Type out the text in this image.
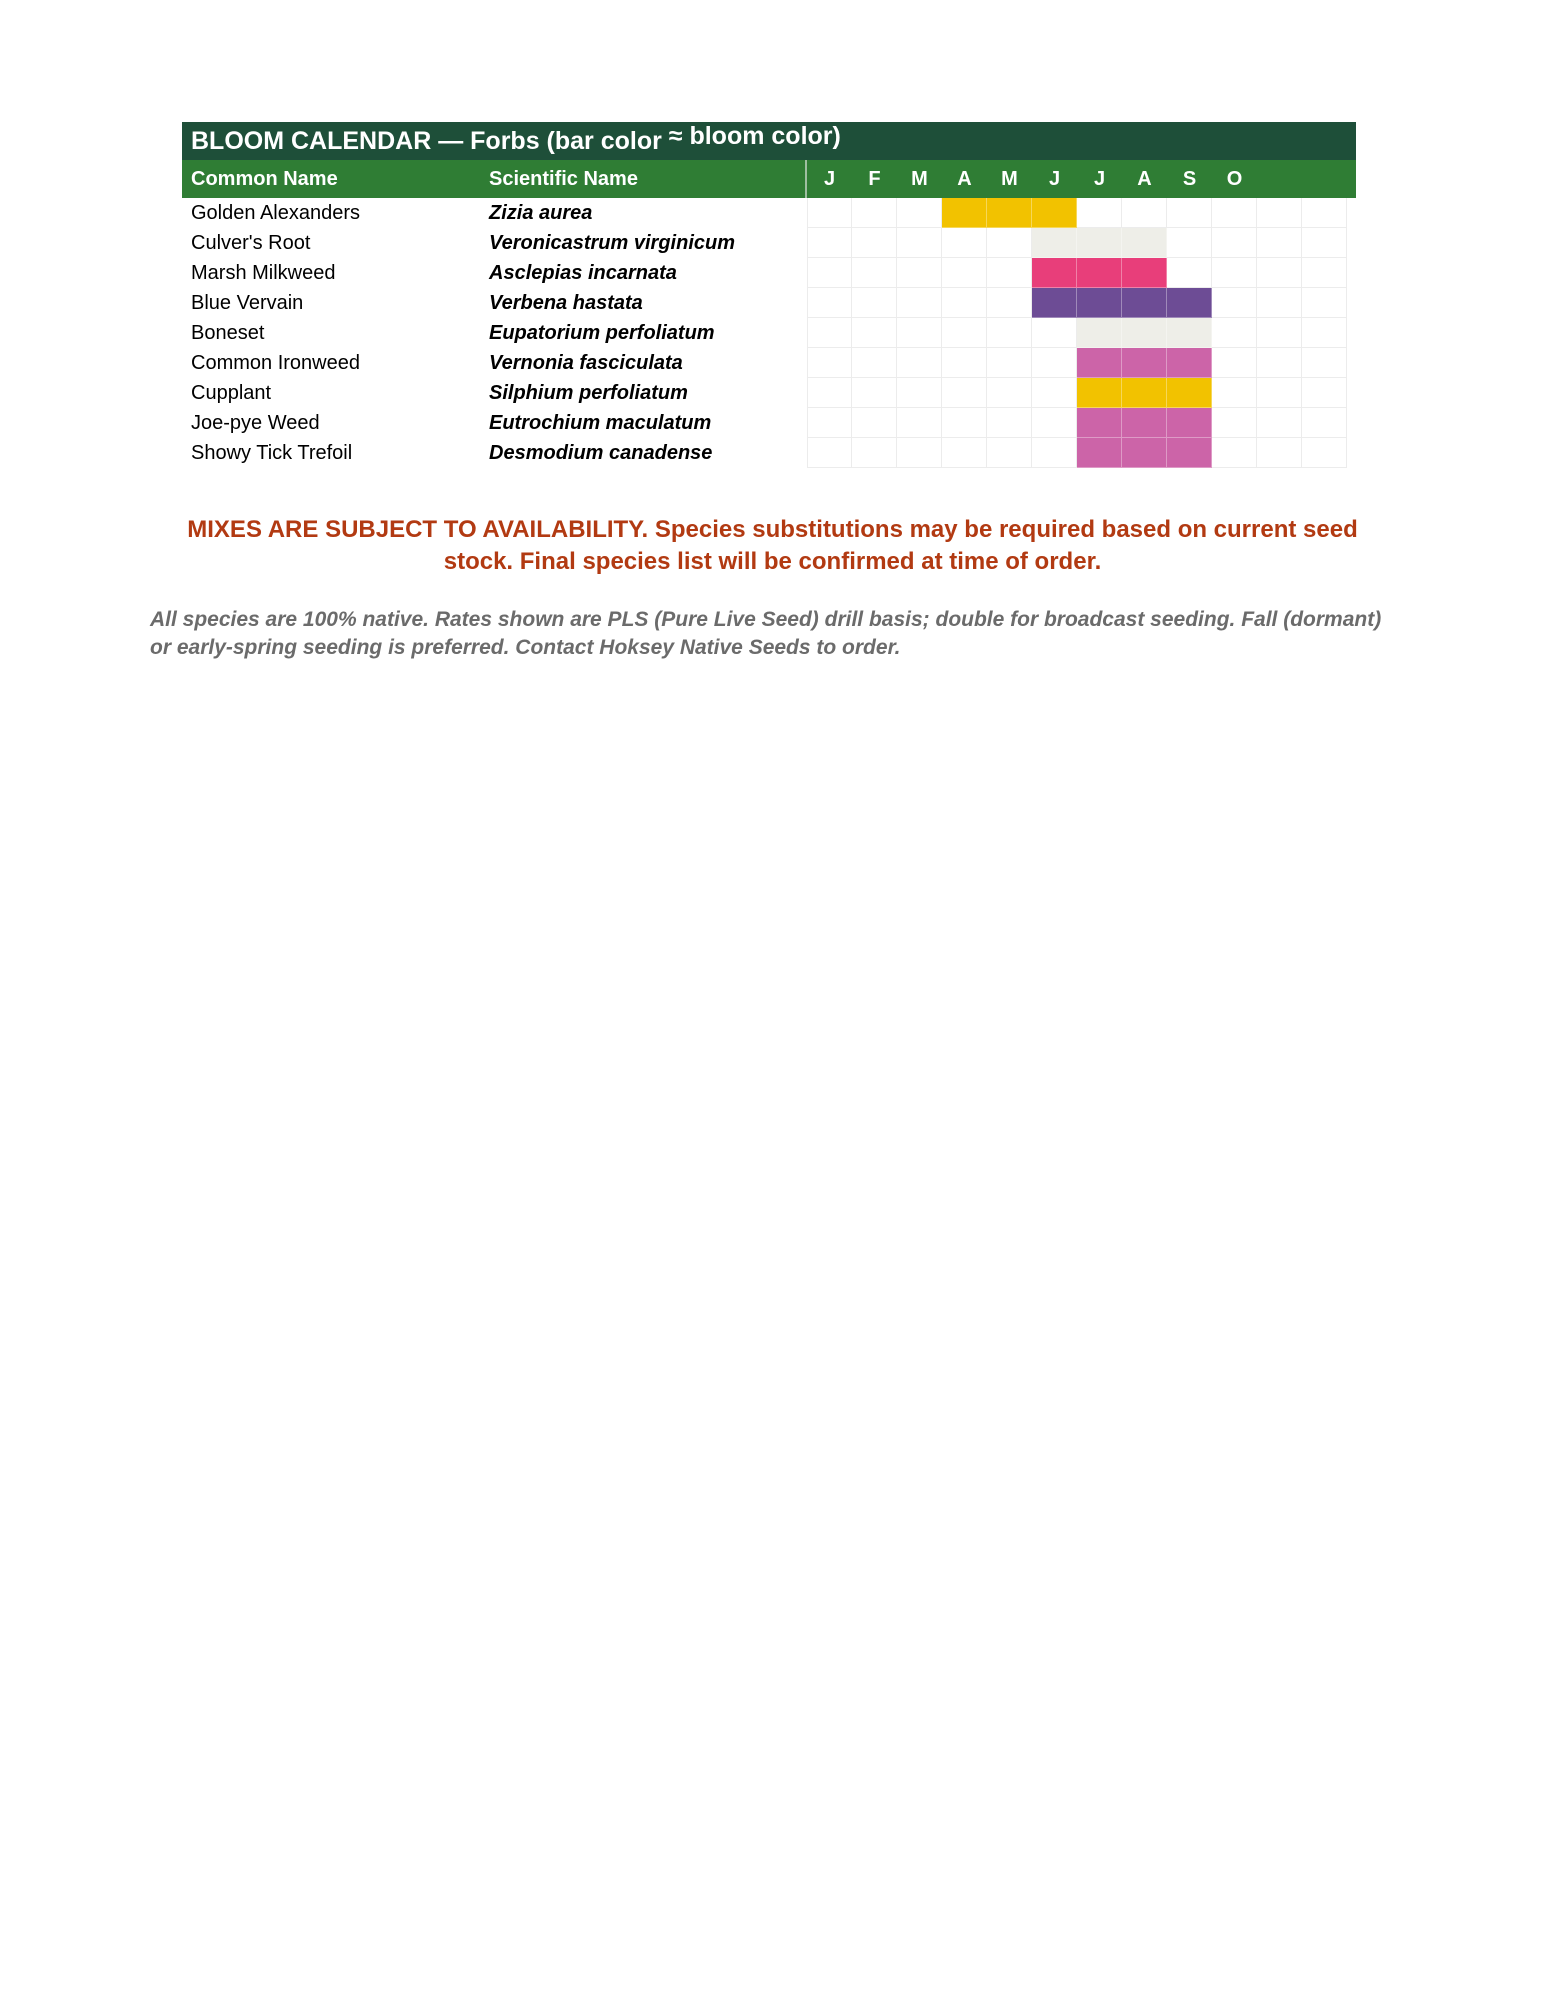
BLOOM CALENDAR — Forbs (bar color ≈ bloom color)
Common Name	Scientific Name	J	F	M	A	M	J	J	A	S	O
Golden Alexanders	Zizia aurea
Culver's Root	Veronicastrum virginicum
Marsh Milkweed	Asclepias incarnata
Blue Vervain	Verbena hastata
Boneset	Eupatorium perfoliatum
Common Ironweed	Vernonia fasciculata
Cupplant	Silphium perfoliatum
Joe-pye Weed	Eutrochium maculatum
Showy Tick Trefoil	Desmodium canadense
MIXES ARE SUBJECT TO AVAILABILITY. Species substitutions may be required based on current seed stock. Final species list will be confirmed at time of order.
All species are 100% native. Rates shown are PLS (Pure Live Seed) drill basis; double for broadcast seeding. Fall (dormant) or early-spring seeding is preferred. Contact Hoksey Native Seeds to order.
